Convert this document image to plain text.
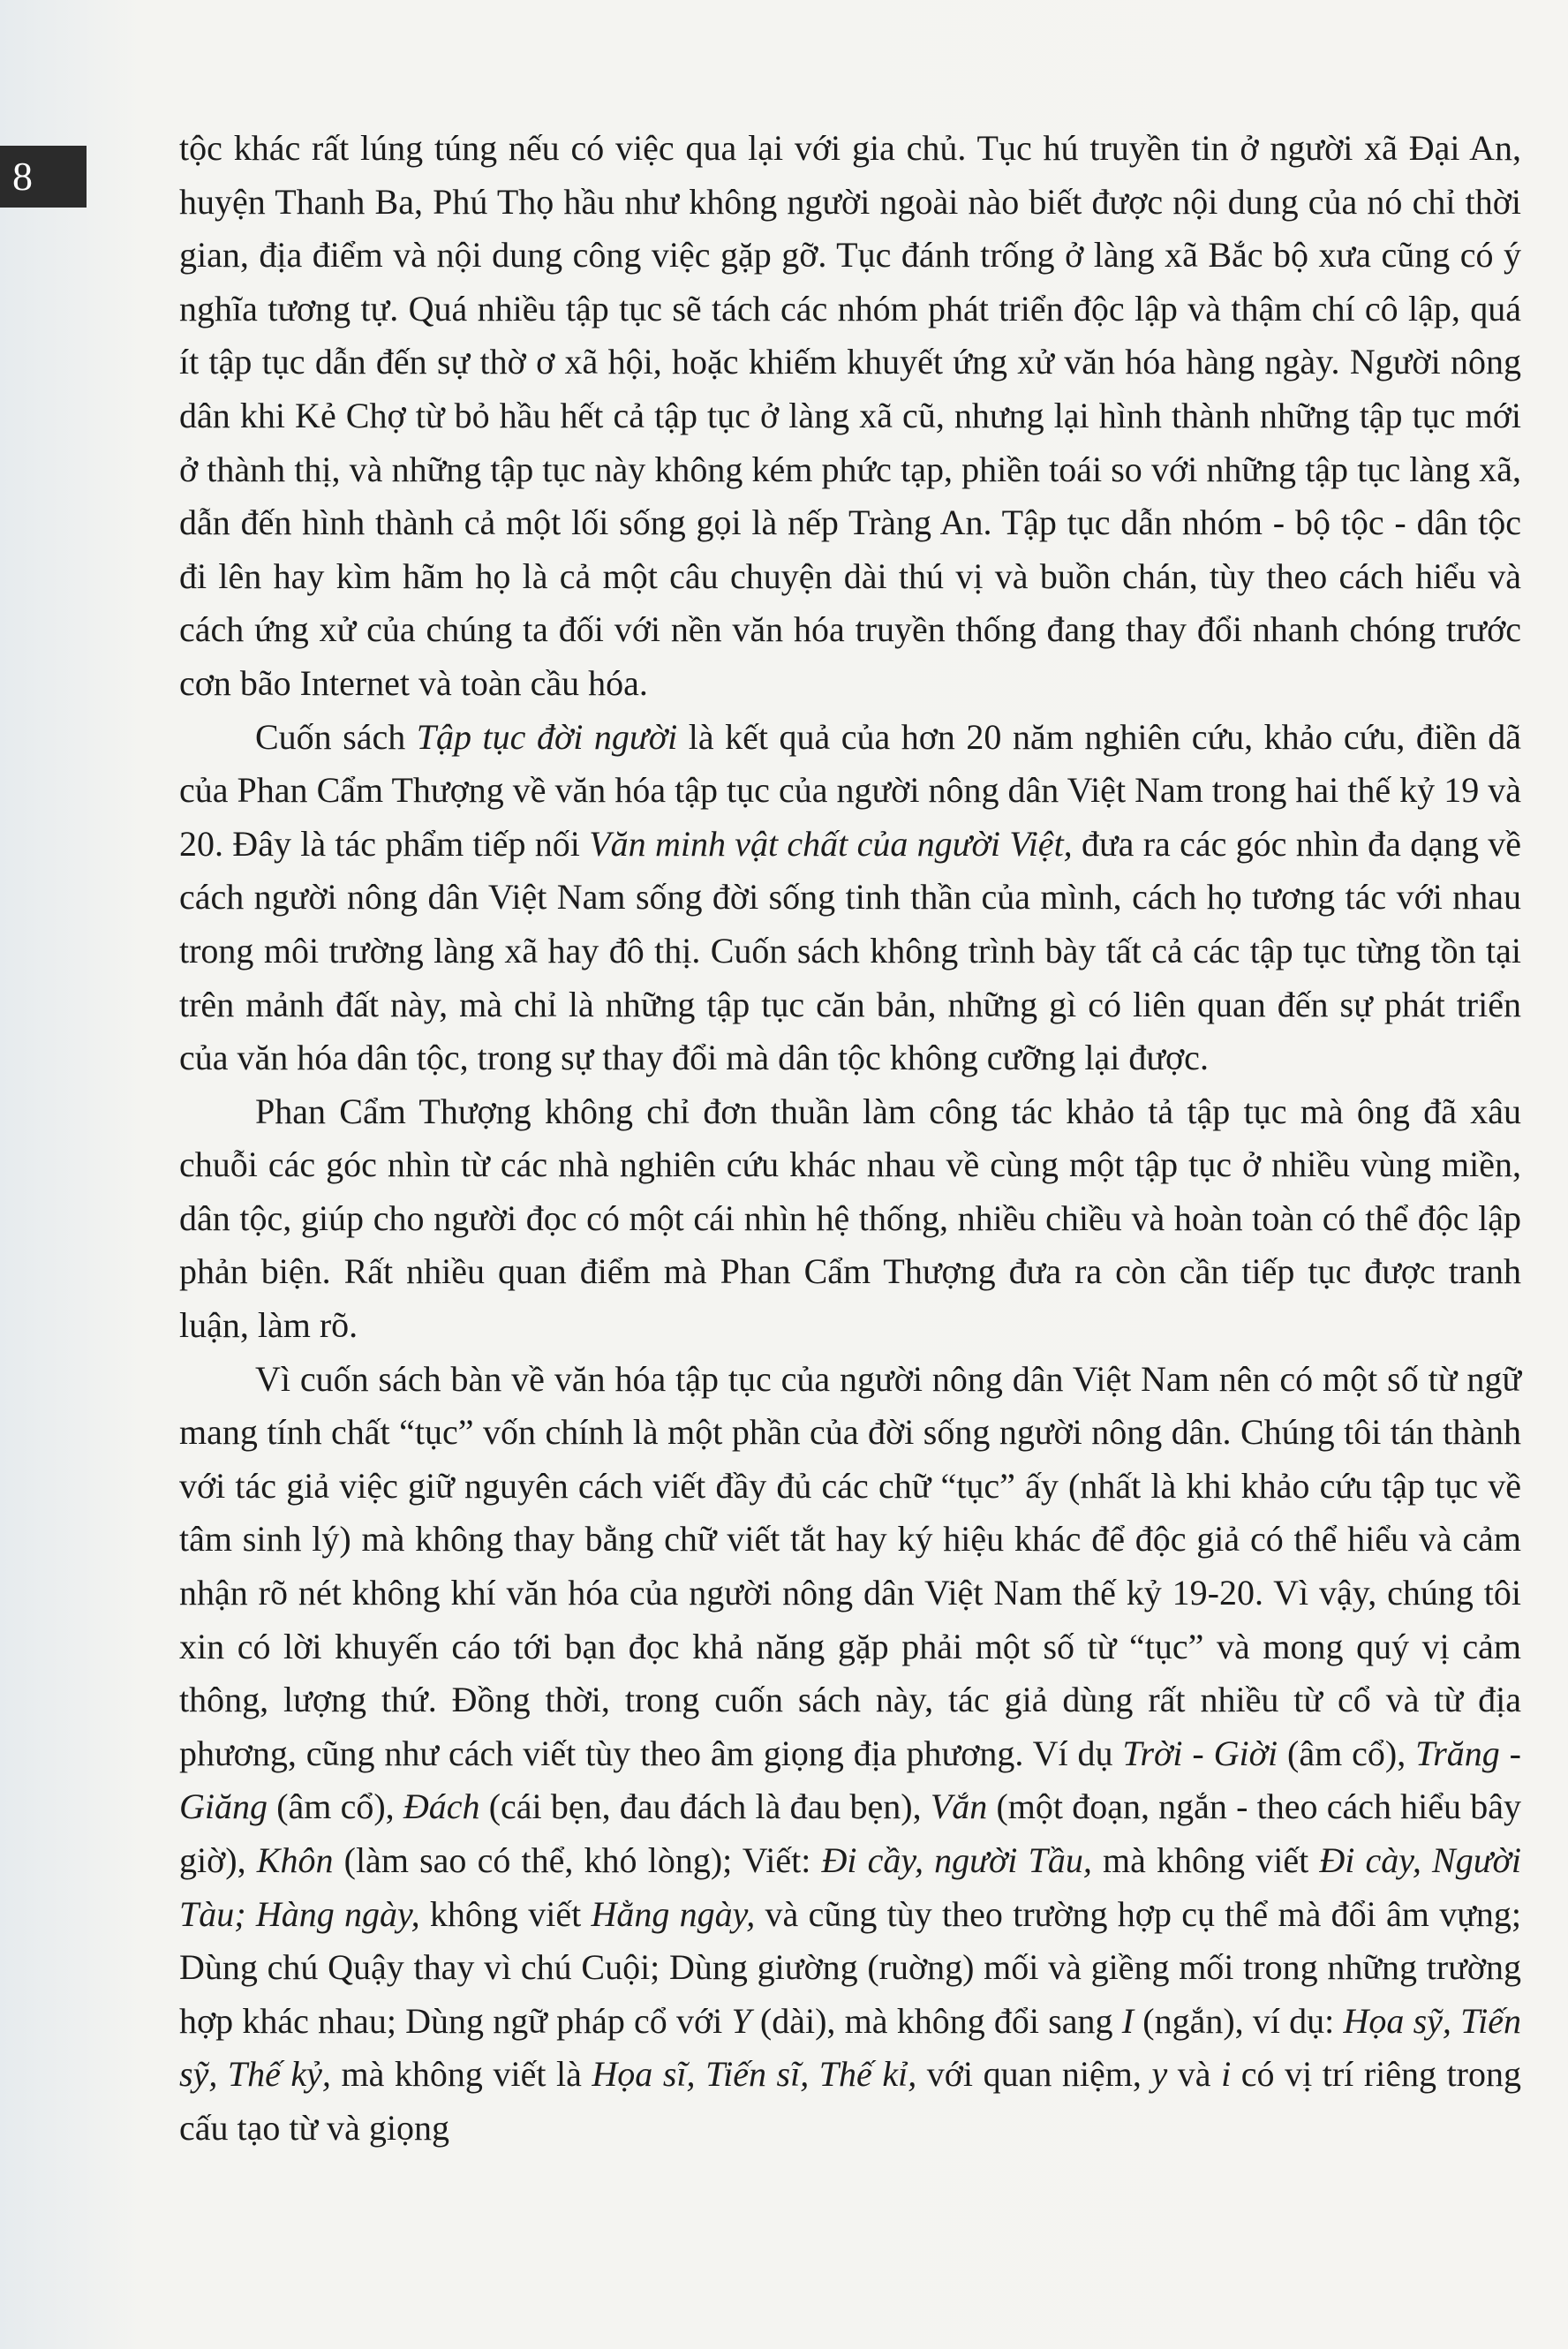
8

tộc khác rất lúng túng nếu có việc qua lại với gia chủ. Tục hú truyền tin ở người xã Đại An, huyện Thanh Ba, Phú Thọ hầu như không người ngoài nào biết được nội dung của nó chỉ thời gian, địa điểm và nội dung công việc gặp gỡ. Tục đánh trống ở làng xã Bắc bộ xưa cũng có ý nghĩa tương tự. Quá nhiều tập tục sẽ tách các nhóm phát triển độc lập và thậm chí cô lập, quá ít tập tục dẫn đến sự thờ ơ xã hội, hoặc khiếm khuyết ứng xử văn hóa hàng ngày. Người nông dân khi Kẻ Chợ từ bỏ hầu hết cả tập tục ở làng xã cũ, nhưng lại hình thành những tập tục mới ở thành thị, và những tập tục này không kém phức tạp, phiền toái so với những tập tục làng xã, dẫn đến hình thành cả một lối sống gọi là nếp Tràng An. Tập tục dẫn nhóm - bộ tộc - dân tộc đi lên hay kìm hãm họ là cả một câu chuyện dài thú vị và buồn chán, tùy theo cách hiểu và cách ứng xử của chúng ta đối với nền văn hóa truyền thống đang thay đổi nhanh chóng trước cơn bão Internet và toàn cầu hóa.

Cuốn sách Tập tục đời người là kết quả của hơn 20 năm nghiên cứu, khảo cứu, điền dã của Phan Cẩm Thượng về văn hóa tập tục của người nông dân Việt Nam trong hai thế kỷ 19 và 20. Đây là tác phẩm tiếp nối Văn minh vật chất của người Việt, đưa ra các góc nhìn đa dạng về cách người nông dân Việt Nam sống đời sống tinh thần của mình, cách họ tương tác với nhau trong môi trường làng xã hay đô thị. Cuốn sách không trình bày tất cả các tập tục từng tồn tại trên mảnh đất này, mà chỉ là những tập tục căn bản, những gì có liên quan đến sự phát triển của văn hóa dân tộc, trong sự thay đổi mà dân tộc không cưỡng lại được.

Phan Cẩm Thượng không chỉ đơn thuần làm công tác khảo tả tập tục mà ông đã xâu chuỗi các góc nhìn từ các nhà nghiên cứu khác nhau về cùng một tập tục ở nhiều vùng miền, dân tộc, giúp cho người đọc có một cái nhìn hệ thống, nhiều chiều và hoàn toàn có thể độc lập phản biện. Rất nhiều quan điểm mà Phan Cẩm Thượng đưa ra còn cần tiếp tục được tranh luận, làm rõ.

Vì cuốn sách bàn về văn hóa tập tục của người nông dân Việt Nam nên có một số từ ngữ mang tính chất “tục” vốn chính là một phần của đời sống người nông dân. Chúng tôi tán thành với tác giả việc giữ nguyên cách viết đầy đủ các chữ “tục” ấy (nhất là khi khảo cứu tập tục về tâm sinh lý) mà không thay bằng chữ viết tắt hay ký hiệu khác để độc giả có thể hiểu và cảm nhận rõ nét không khí văn hóa của người nông dân Việt Nam thế kỷ 19-20. Vì vậy, chúng tôi xin có lời khuyến cáo tới bạn đọc khả năng gặp phải một số từ “tục” và mong quý vị cảm thông, lượng thứ. Đồng thời, trong cuốn sách này, tác giả dùng rất nhiều từ cổ và từ địa phương, cũng như cách viết tùy theo âm giọng địa phương. Ví dụ Trời - Giời (âm cổ), Trăng - Giăng (âm cổ), Đách (cái bẹn, đau đách là đau bẹn), Vắn (một đoạn, ngắn - theo cách hiểu bây giờ), Khôn (làm sao có thể, khó lòng); Viết: Đi cầy, người Tầu, mà không viết Đi cày, Người Tàu; Hàng ngày, không viết Hằng ngày, và cũng tùy theo trường hợp cụ thể mà đổi âm vựng; Dùng chú Quậy thay vì chú Cuội; Dùng giường (ruờng) mối và giềng mối trong những trường hợp khác nhau; Dùng ngữ pháp cổ với Y (dài), mà không đổi sang I (ngắn), ví dụ: Họa sỹ, Tiến sỹ, Thế kỷ, mà không viết là Họa sĩ, Tiến sĩ, Thế kỉ, với quan niệm, y và i có vị trí riêng trong cấu tạo từ và giọng
